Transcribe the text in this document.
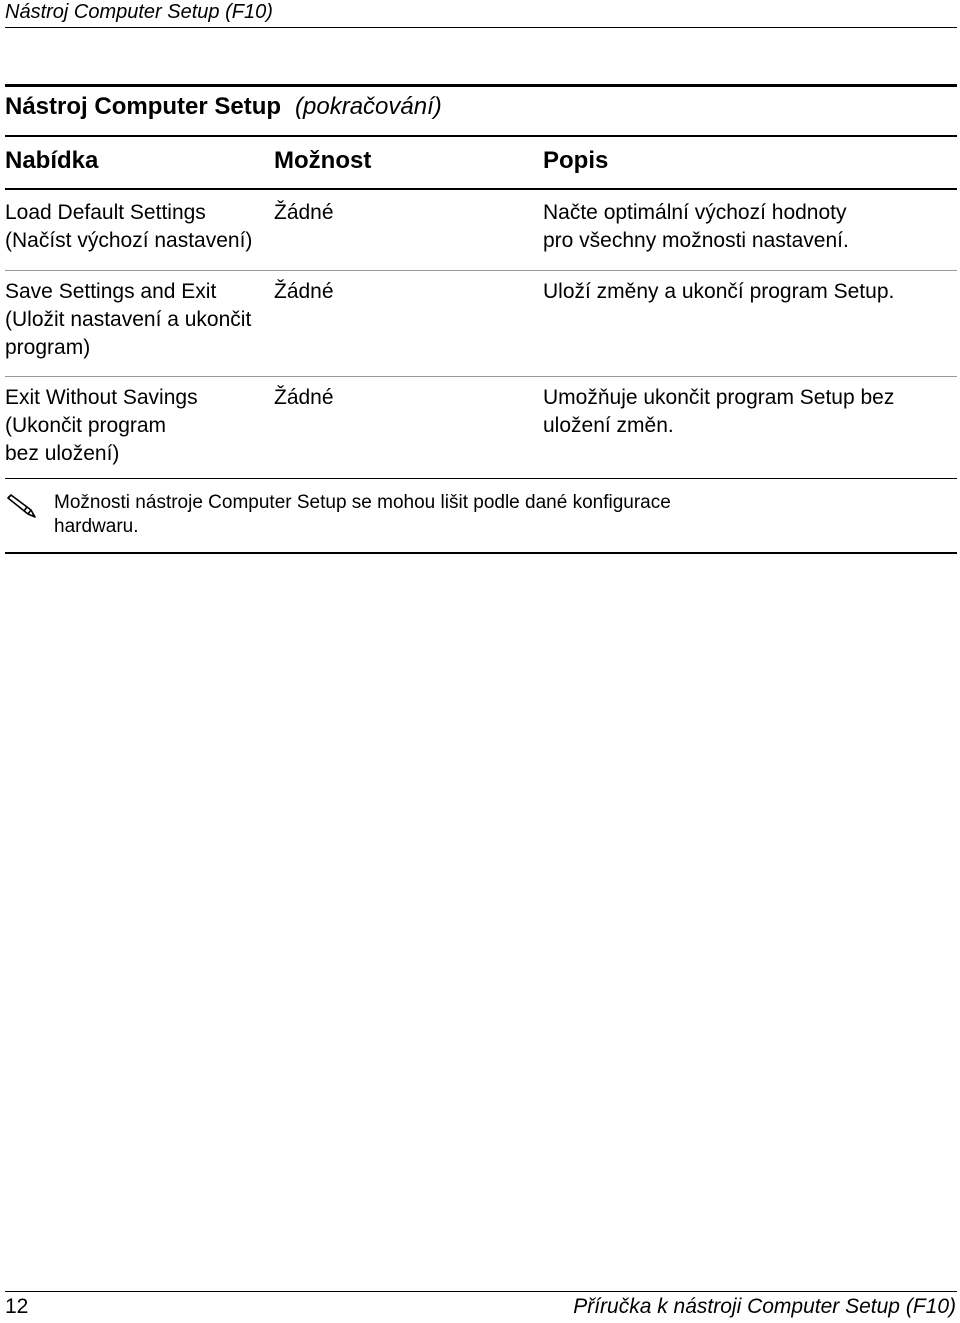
Nástroj Computer Setup (F10)
Nástroj Computer Setup (pokračování)
Nabídka	Možnost	Popis
Load Default Settings
(Načíst výchozí nastavení)
Žádné	Načte optimální výchozí hodnoty
pro všechny možnosti nastavení.
Save Settings and Exit
(Uložit nastavení a ukončit
program)
Žádné	Uloží změny a ukončí program Setup.
Exit Without Savings
(Ukončit program
bez uložení)
Žádné	Umožňuje ukončit program Setup bez
uložení změn.
Možnosti nástroje Computer Setup se mohou lišit podle dané konfigurace
hardwaru.
12	Příručka k nástroji Computer Setup (F10)
